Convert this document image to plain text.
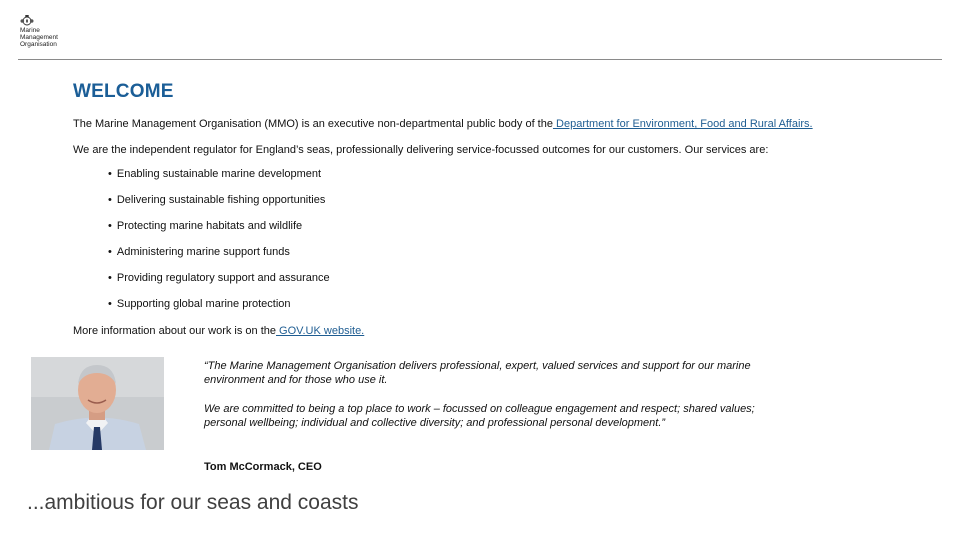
Marine
Management
Organisation
WELCOME
The Marine Management Organisation (MMO) is an executive non-departmental public body of the Department for Environment, Food and Rural Affairs.
We are the independent regulator for England’s seas, professionally delivering service-focussed outcomes for our customers. Our services are:
• Enabling sustainable marine development
• Delivering sustainable fishing opportunities
• Protecting marine habitats and wildlife
• Administering marine support funds
• Providing regulatory support and assurance
• Supporting global marine protection
More information about our work is on the GOV.UK website.
“The Marine Management Organisation delivers professional, expert, valued services and support for our marine environment and for those who use it.
We are committed to being a top place to work – focussed on colleague engagement and respect; shared values; personal wellbeing; individual and collective diversity; and professional personal development.”
Tom McCormack, CEO
...ambitious for our seas and coasts
